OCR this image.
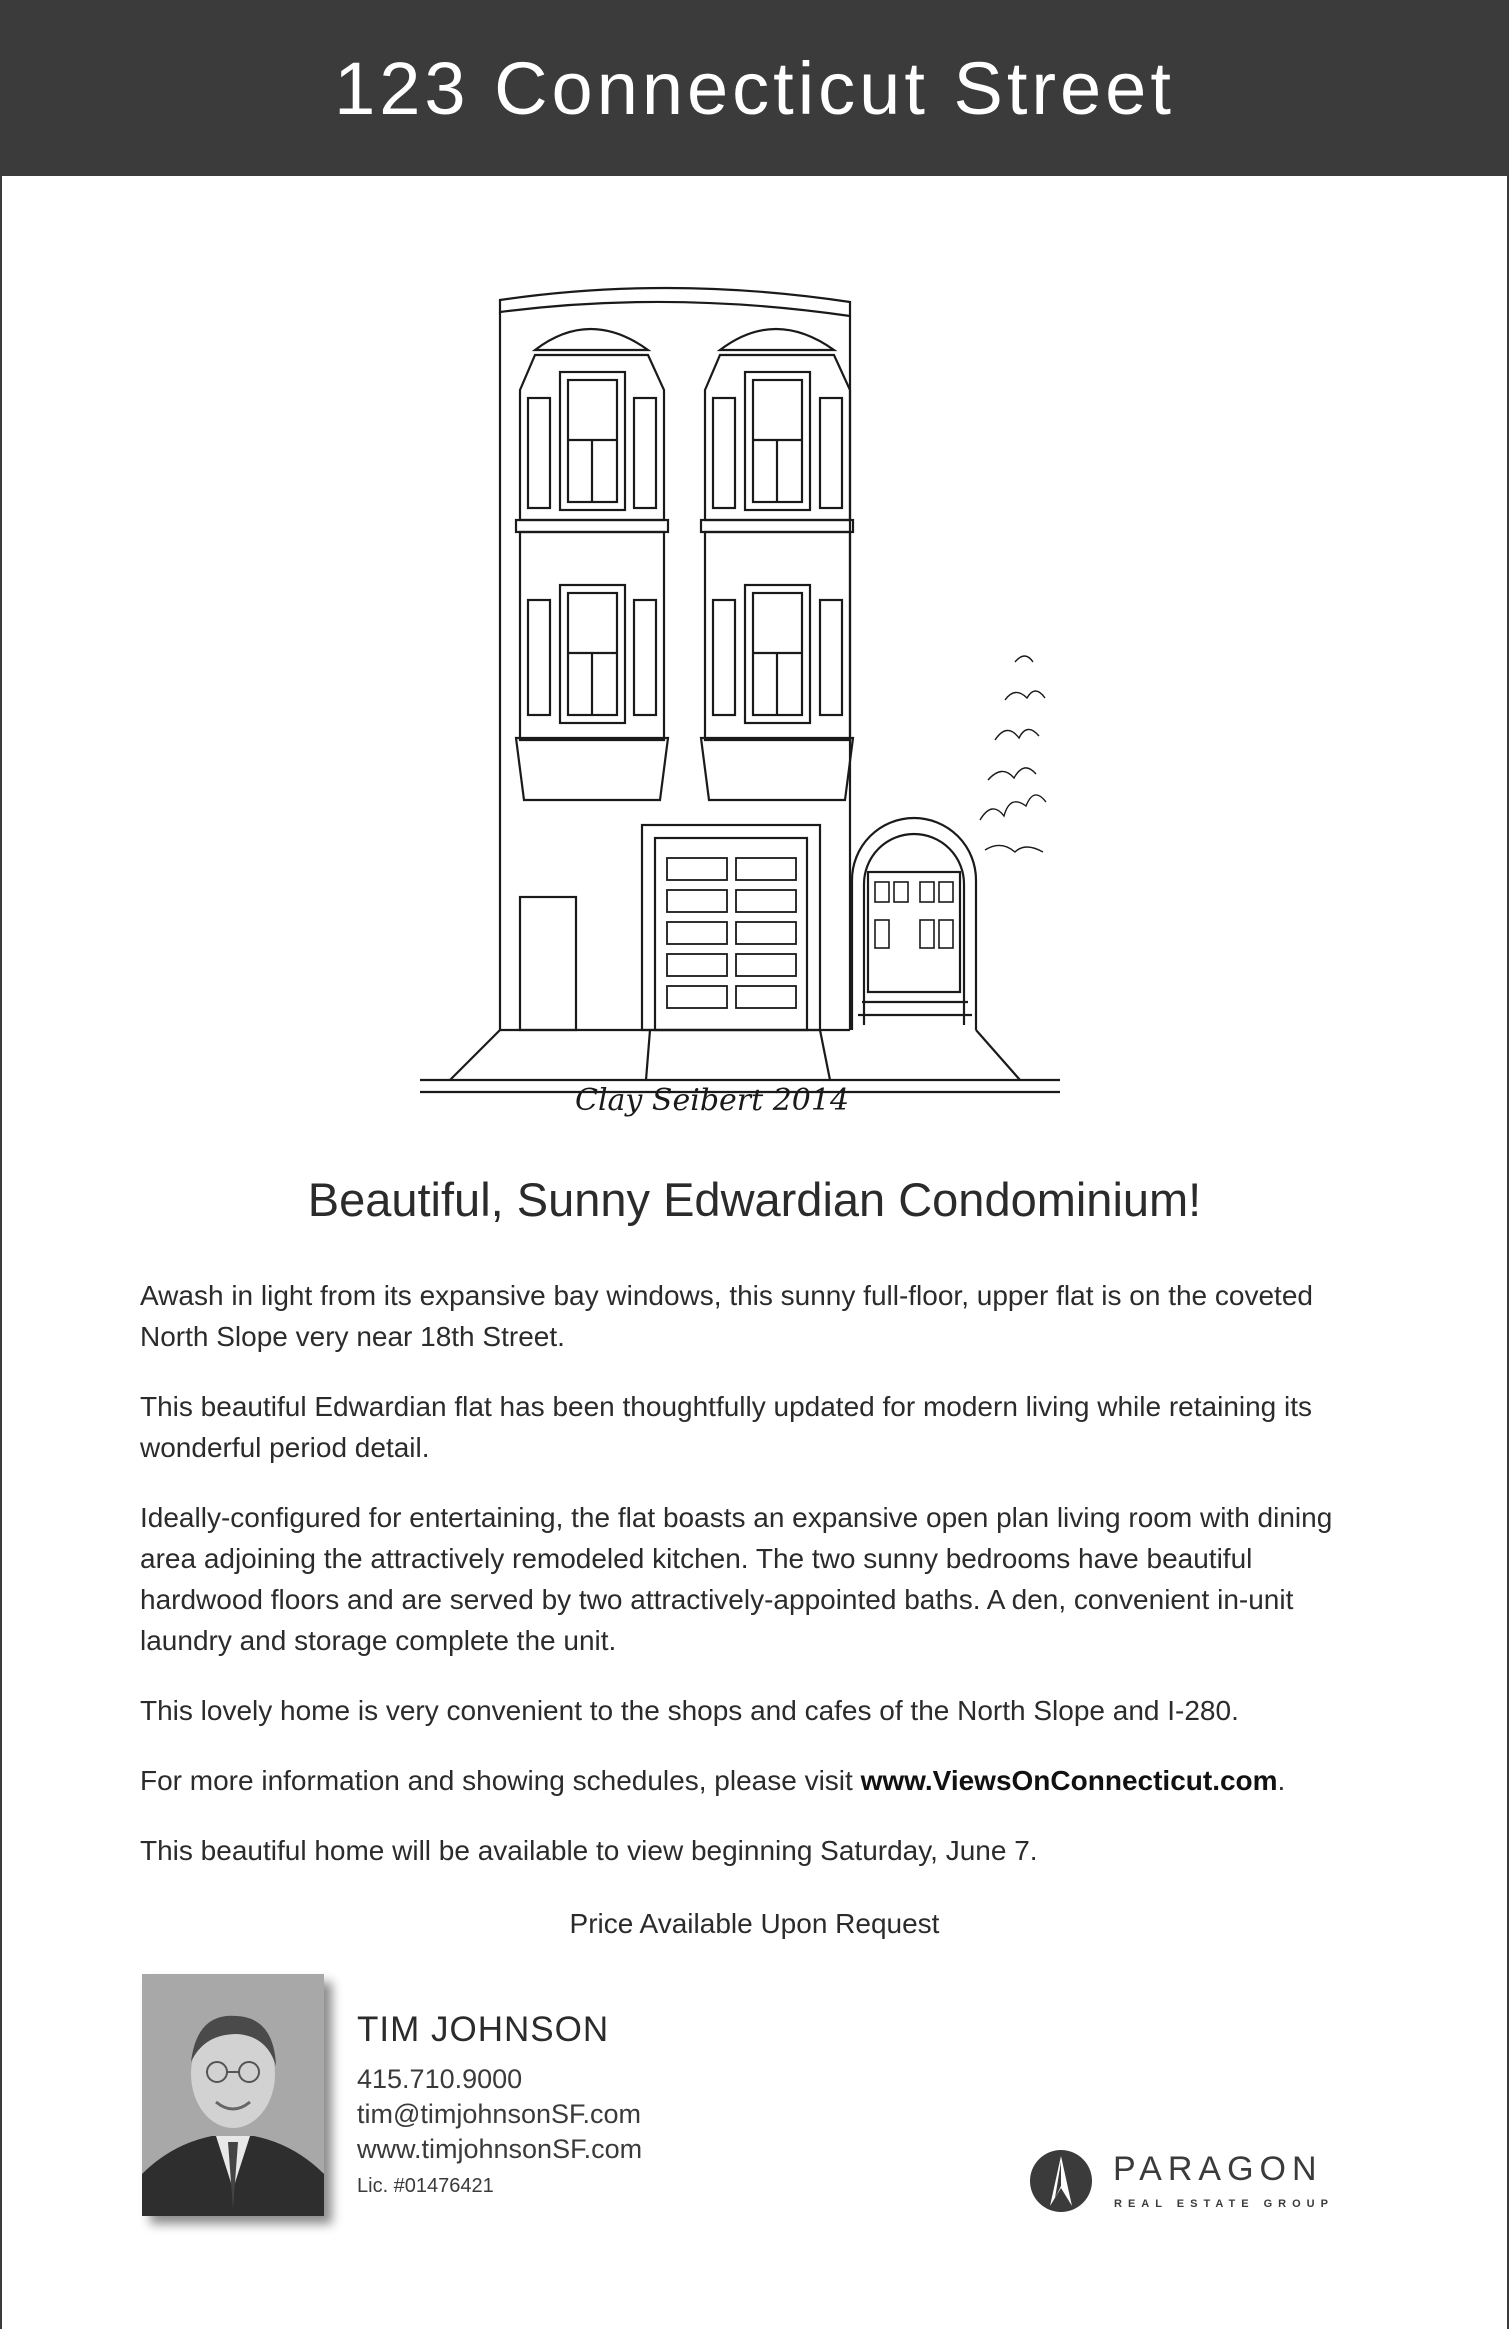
123 Connecticut Street
Clay Seibert 2014
Beautiful, Sunny Edwardian Condominium!

Awash in light from its expansive bay windows, this sunny full-floor, upper flat is on the coveted North Slope very near 18th Street.

This beautiful Edwardian flat has been thoughtfully updated for modern living while retaining its wonderful period detail.

Ideally-configured for entertaining, the flat boasts an expansive open plan living room with dining area adjoining the attractively remodeled kitchen. The two sunny bedrooms have beautiful hardwood floors and are served by two attractively-appointed baths. A den, convenient in-unit laundry and storage complete the unit.

This lovely home is very convenient to the shops and cafes of the North Slope and I-280.

For more information and showing schedules, please visit www.ViewsOnConnecticut.com.

This beautiful home will be available to view beginning Saturday, June 7.

Price Available Upon Request
TIM JOHNSON
415.710.9000
tim@timjohnsonSF.com
www.timjohnsonSF.com
Lic. #01476421	PARAGON
REAL ESTATE GROUP
